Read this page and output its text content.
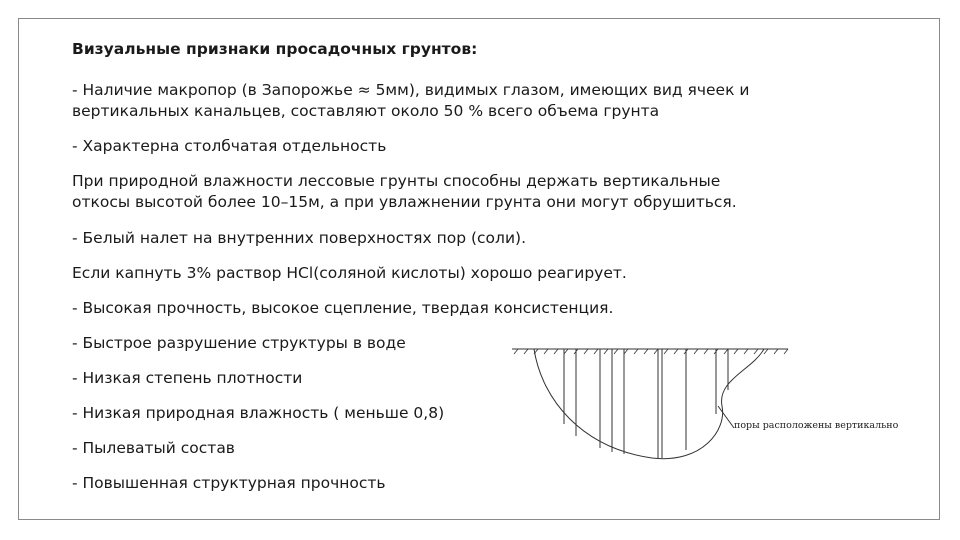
Визуальные признаки просадочных грунтов:
- Наличие макропор (в Запорожье ≈ 5мм), видимых глазом, имеющих вид ячеек и
вертикальных канальцев, составляют около 50 % всего объема грунта
- Характерна столбчатая отдельность
При природной влажности лессовые грунты способны держать вертикальные
откосы высотой более 10–15м, а при увлажнении грунта они могут обрушиться.
- Белый налет на внутренних поверхностях пор (соли).
Если капнуть 3% раствор HCl(соляной кислоты) хорошо реагирует.
- Высокая прочность, высокое сцепление, твердая консистенция.
- Быстрое разрушение структуры в воде
- Низкая степень плотности
- Низкая природная влажность ( меньше 0,8)
- Пылеватый состав
- Повышенная структурная прочность
поры расположены вертикально
